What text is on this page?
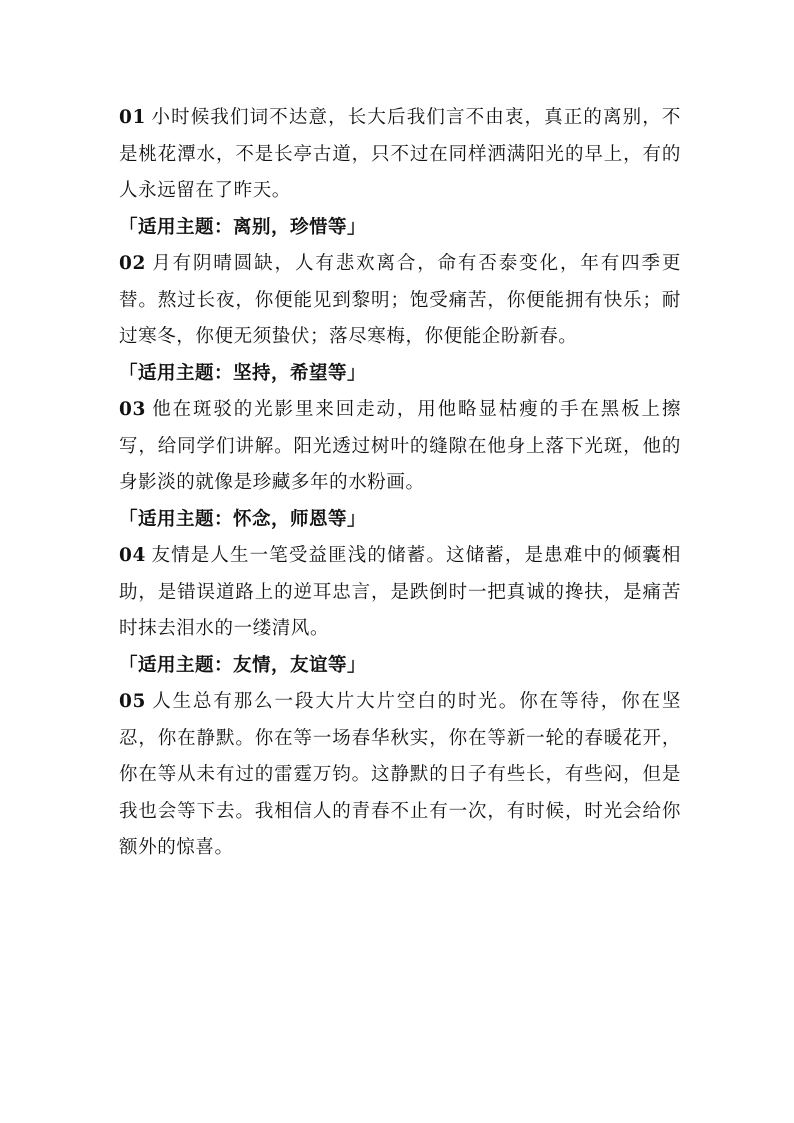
01 小时候我们词不达意，长大后我们言不由衷，真正的离别，不是桃花潭水，不是长亭古道，只不过在同样洒满阳光的早上，有的人永远留在了昨天。

「适用主题：离别，珍惜等」

02 月有阴晴圆缺，人有悲欢离合，命有否泰变化，年有四季更替。熬过长夜，你便能见到黎明；饱受痛苦，你便能拥有快乐；耐过寒冬，你便无须蛰伏；落尽寒梅，你便能企盼新春。

「适用主题：坚持，希望等」

03 他在斑驳的光影里来回走动，用他略显枯瘦的手在黑板上擦写，给同学们讲解。阳光透过树叶的缝隙在他身上落下光斑，他的身影淡的就像是珍藏多年的水粉画。

「适用主题：怀念，师恩等」

04 友情是人生一笔受益匪浅的储蓄。这储蓄，是患难中的倾囊相助，是错误道路上的逆耳忠言，是跌倒时一把真诚的搀扶，是痛苦时抹去泪水的一缕清风。

「适用主题：友情，友谊等」

05 人生总有那么一段大片大片空白的时光。你在等待，你在坚忍，你在静默。你在等一场春华秋实，你在等新一轮的春暖花开，你在等从未有过的雷霆万钧。这静默的日子有些长，有些闷，但是我也会等下去。我相信人的青春不止有一次，有时候，时光会给你额外的惊喜。
